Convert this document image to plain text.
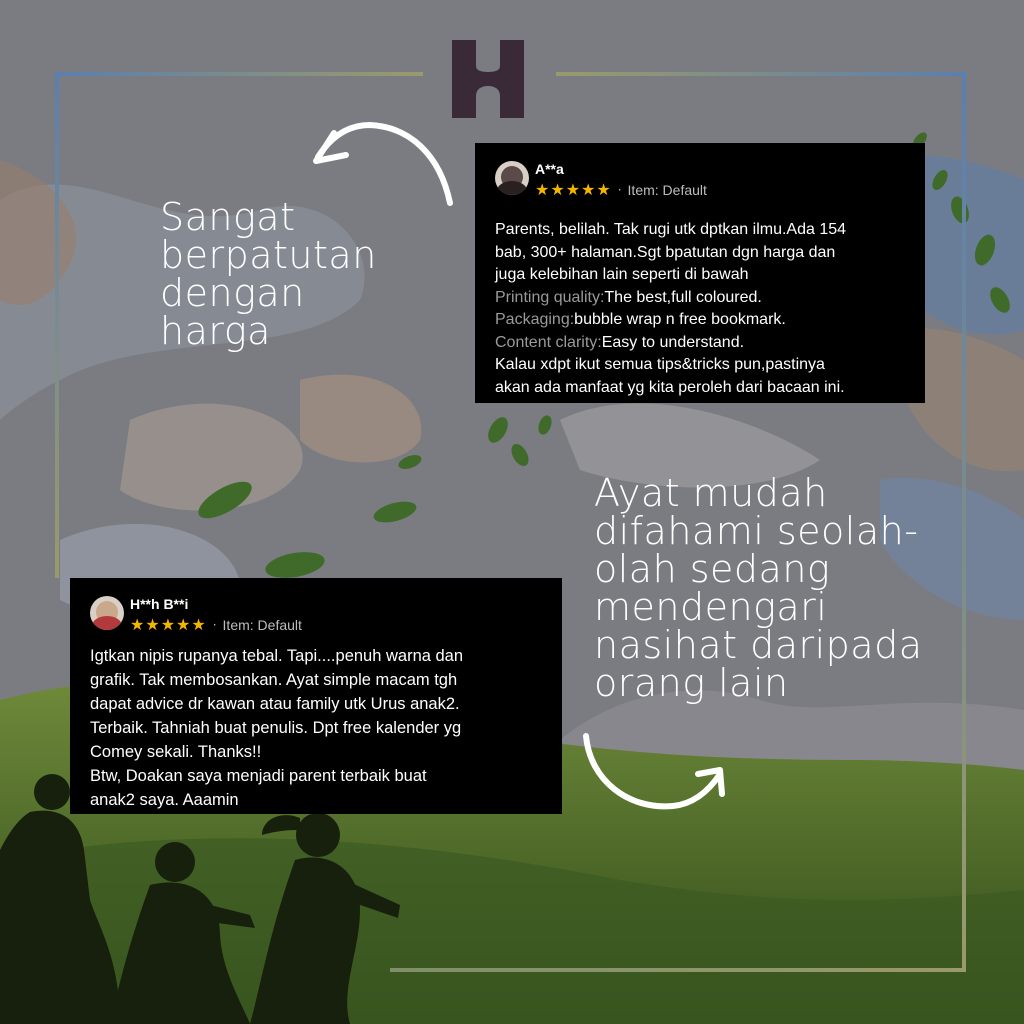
Sangat
berpatutan
dengan
harga
Ayat mudah
difahami seolah-
olah sedang
mendengari
nasihat daripada
orang lain
A**a
★★★★★ · Item: Default
Parents, belilah. Tak rugi utk dptkan ilmu.Ada 154
bab, 300+ halaman.Sgt bpatutan dgn harga dan
juga kelebihan lain seperti di bawah
Printing quality:The best,full coloured.
Packaging:bubble wrap n free bookmark.
Content clarity:Easy to understand.
Kalau xdpt ikut semua tips&tricks pun,pastinya
akan ada manfaat yg kita peroleh dari bacaan ini.
H**h B**i
★★★★★ · Item: Default
Igtkan nipis rupanya tebal. Tapi....penuh warna dan
grafik. Tak membosankan. Ayat simple macam tgh
dapat advice dr kawan atau family utk Urus anak2.
Terbaik. Tahniah buat penulis. Dpt free kalender yg
Comey sekali. Thanks!!
Btw, Doakan saya menjadi parent terbaik buat
anak2 saya. Aaamin
